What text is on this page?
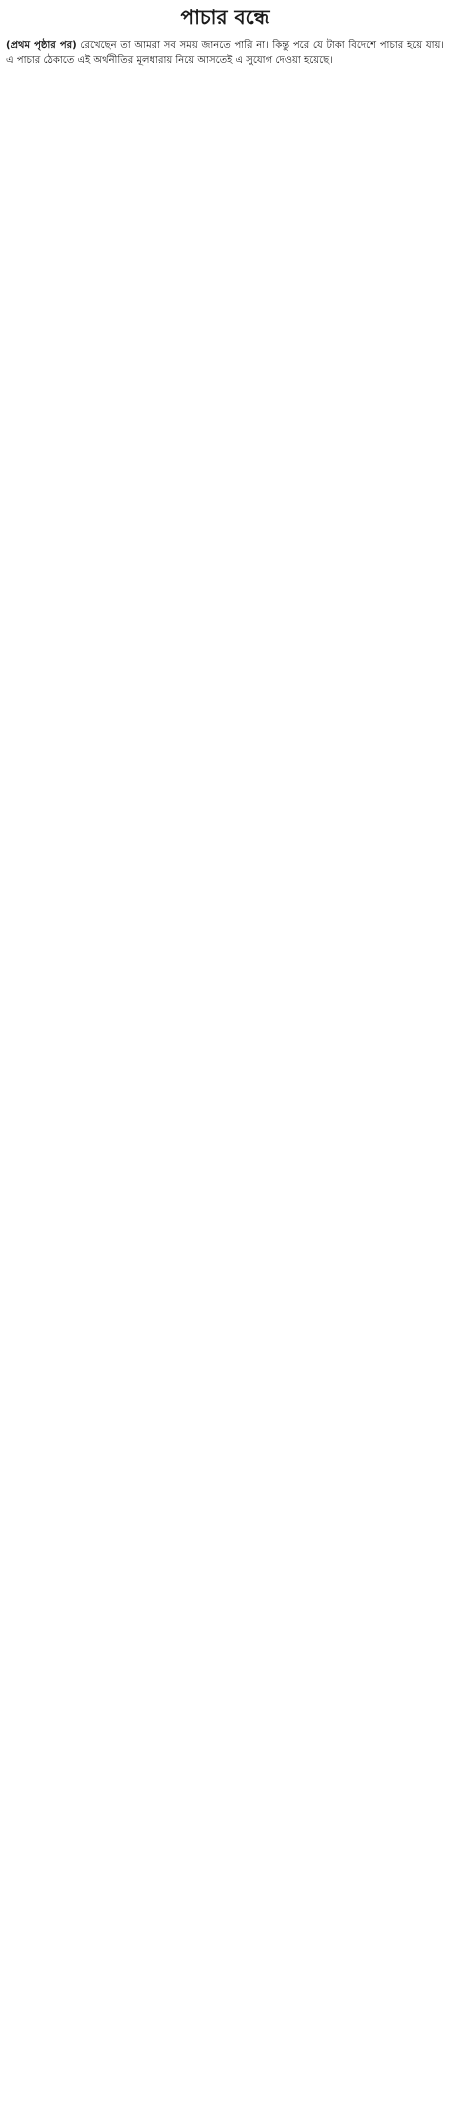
পাচার বন্ধে

(প্রথম পৃষ্ঠার পর) রেখেছেন তা আমরা সব সময় জানতে পারি না। কিন্তু পরে যে টাকা বিদেশে পাচার হয়ে যায়। এ পাচার ঠেকাতে এই অর্থনীতির মূলধারায় নিয়ে আসতেই এ সুযোগ দেওয়া হয়েছে।
